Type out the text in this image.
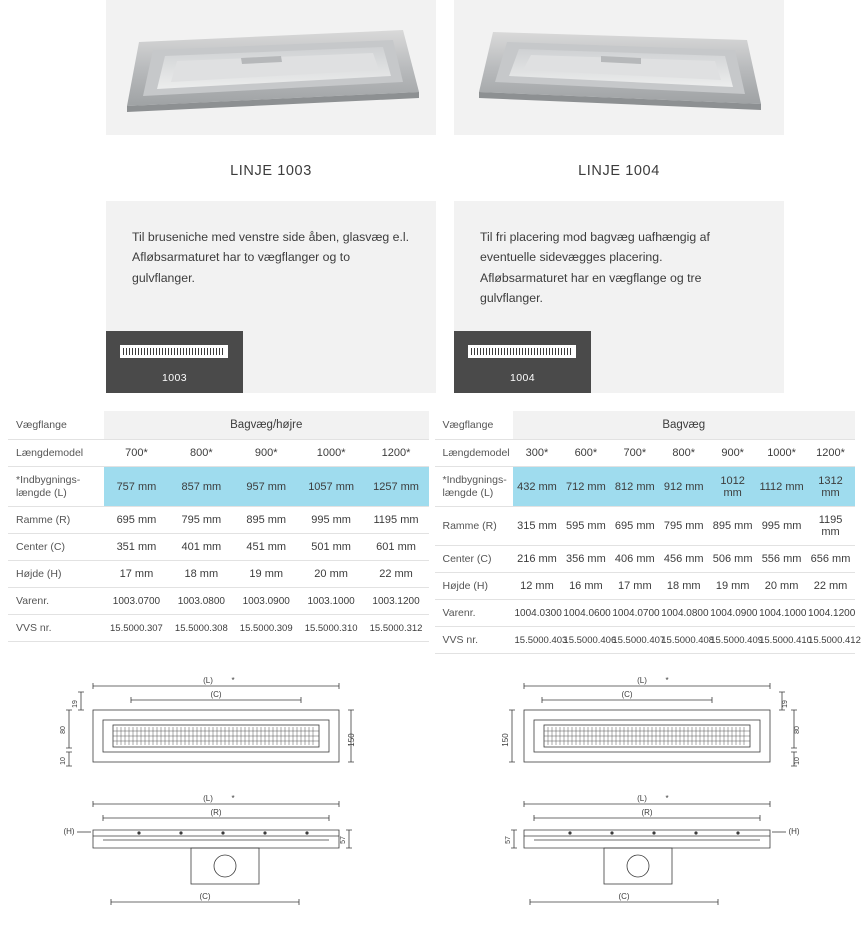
LINJE 1003

Til bruseniche med venstre side åben, glasvæg e.l. Afløbsarmaturet har to vægflanger og to gulvflanger.

1003
LINJE 1004

Til fri placering mod bagvæg uafhængig af eventuelle sidevægges placering.

Afløbsarmaturet har en vægflange og tre gulvflanger.

1004
Vægflange	Bagvæg/højre				
Længdemodel	700*	800*	900*	1000*	1200*
*Indbygnings-længde (L)	757 mm	857 mm	957 mm	1057 mm	1257 mm
Ramme (R)	695 mm	795 mm	895 mm	995 mm	1195 mm
Center (C)	351 mm	401 mm	451 mm	501 mm	601 mm
Højde (H)	17 mm	18 mm	19 mm	20 mm	22 mm
Varenr.	1003.0700	1003.0800	1003.0900	1003.1000	1003.1200
VVS nr.	15.5000.307	15.5000.308	15.5000.309	15.5000.310	15.5000.312
Vægflange	Bagvæg						
Længdemodel	300*	600*	700*	800*	900*	1000*	1200*
*Indbygnings-længde (L)	432 mm	712 mm	812 mm	912 mm	1012 mm	1112 mm	1312 mm
Ramme (R)	315 mm	595 mm	695 mm	795 mm	895 mm	995 mm	1195 mm
Center (C)	216 mm	356 mm	406 mm	456 mm	506 mm	556 mm	656 mm
Højde (H)	12 mm	16 mm	17 mm	18 mm	19 mm	20 mm	22 mm
Varenr.	1004.0300	1004.0600	1004.0700	1004.0800	1004.0900	1004.1000	1004.1200
VVS nr.	15.5000.403	15.5000.406	15.5000.407	15.5000.408	15.5000.409	15.5000.410	15.5000.412
(L) *
(C)
150
19
80
10
(L) *
(C)
150
19
80
10
(L) *
(R)
(H)
57
(C)
(L) *
(R)
(H)
57
(C)
